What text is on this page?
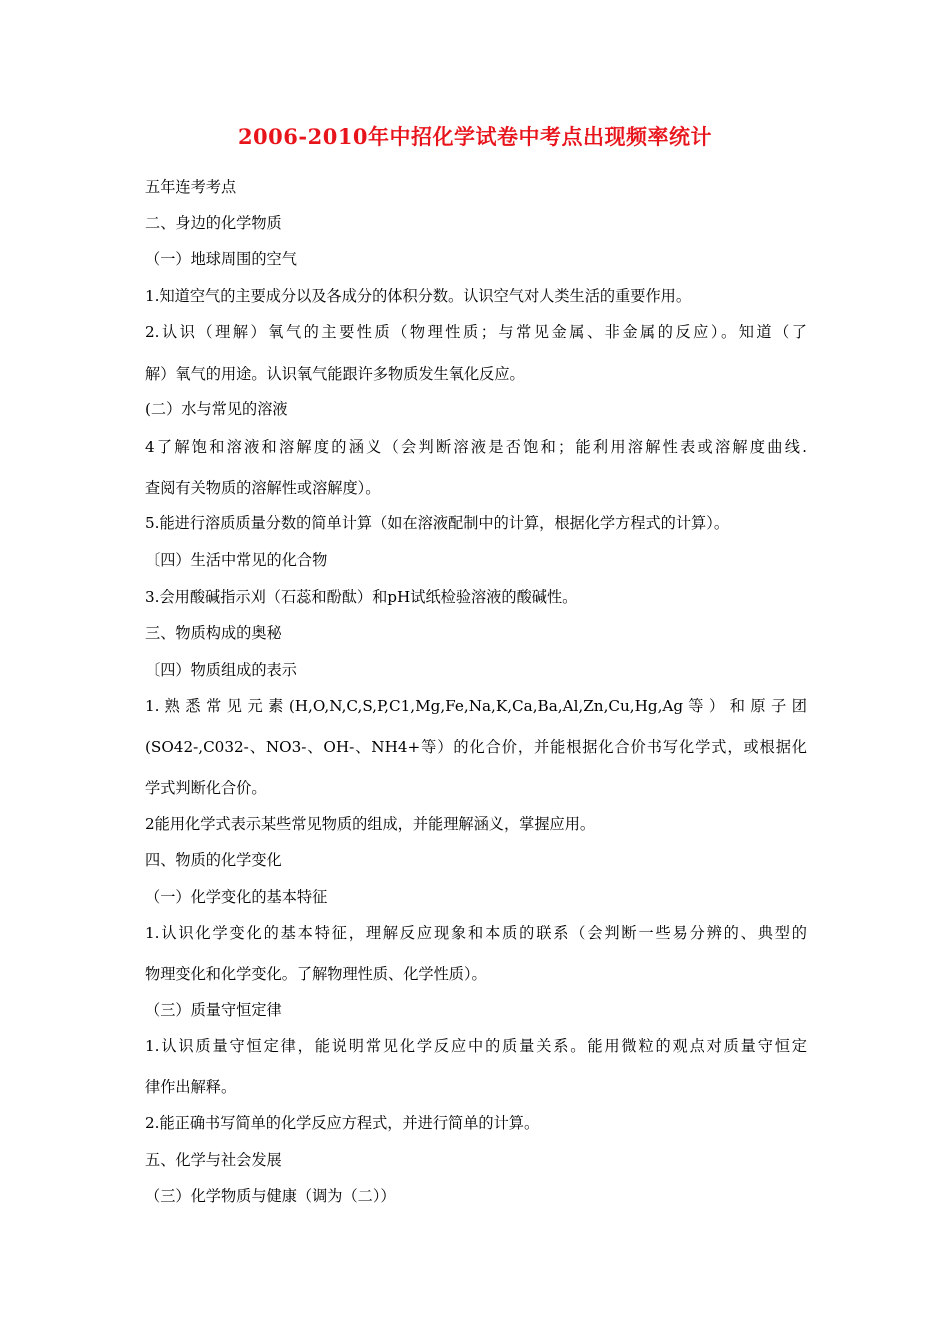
2006-2010年中招化学试卷中考点出现频率统计
五年连考考点
二、身边的化学物质
（一）地球周围的空气
1.知道空气的主要成分以及各成分的体积分数。认识空气对人类生活的重要作用。
2.认识（理解）氧气的主要性质（物理性质；与常见金属、非金属的反应）。知道（了
解）氧气的用途。认识氧气能跟许多物质发生氧化反应。
(二）水与常见的溶液
4了解饱和溶液和溶解度的涵义（会判断溶液是否饱和；能利用溶解性表或溶解度曲线.
查阅有关物质的溶解性或溶解度）。
5.能进行溶质质量分数的简单计算（如在溶液配制中的计算，根据化学方程式的计算）。
〔四）生活中常见的化合物
3.会用酸碱指示刈（石蕊和酚酞）和pH试纸检验溶液的酸碱性。
三、物质构成的奥秘
〔四）物质组成的表示
1. 熟 悉 常 见 元 素 (H,O,N,C,S,P,C1,Mg,Fe,Na,K,Ca,Ba,Al,Zn,Cu,Hg,Ag 等 ） 和 原 子 团
(SO42-,C032-、NO3-、OH-、NH4+等）的化合价，并能根据化合价书写化学式，或根据化
学式判断化合价。
2能用化学式表示某些常见物质的组成，并能理解涵义，掌握应用。
四、物质的化学变化
（一）化学变化的基本特征
1.认识化学变化的基本特征，理解反应现象和本质的联系（会判断一些易分辨的、典型的
物理变化和化学变化。了解物理性质、化学性质）。
（三）质量守恒定律
1.认识质量守恒定律，能说明常见化学反应中的质量关系。能用微粒的观点对质量守恒定
律作出解释。
2.能正确书写简单的化学反应方程式，并进行简单的计算。
五、化学与社会发展
（三）化学物质与健康（调为（二））
